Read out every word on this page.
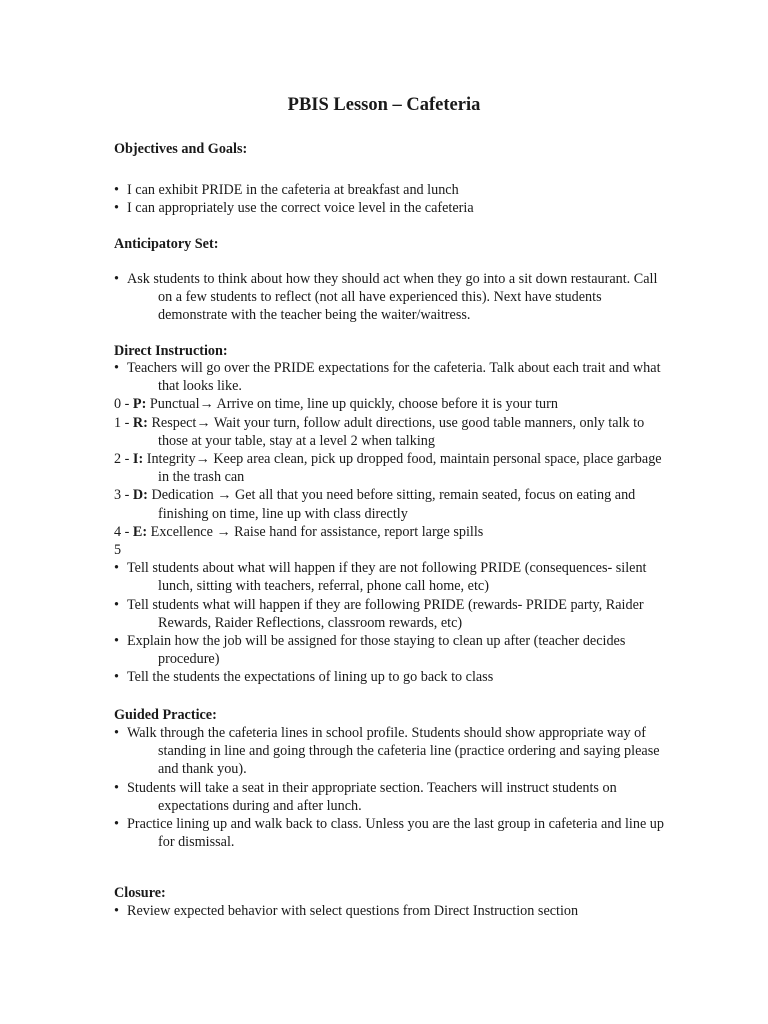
PBIS Lesson – Cafeteria
Objectives and Goals:
• I can exhibit PRIDE in the cafeteria at breakfast and lunch
• I can appropriately use the correct voice level in the cafeteria
Anticipatory Set:
• Ask students to think about how they should act when they go into a sit down restaurant. Call on a few students to reflect (not all have experienced this). Next have students demonstrate with the teacher being the waiter/waitress.
Direct Instruction:
• Teachers will go over the PRIDE expectations for the cafeteria. Talk about each trait and what that looks like.
0 - P: Punctual→ Arrive on time, line up quickly, choose before it is your turn
1 - R: Respect→ Wait your turn, follow adult directions, use good table manners, only talk to those at your table, stay at a level 2 when talking
2 - I: Integrity→ Keep area clean, pick up dropped food, maintain personal space, place garbage in the trash can
3 - D: Dedication → Get all that you need before sitting, remain seated, focus on eating and finishing on time, line up with class directly
4 - E: Excellence → Raise hand for assistance, report large spills
5
• Tell students about what will happen if they are not following PRIDE (consequences- silent lunch, sitting with teachers, referral, phone call home, etc)
• Tell students what will happen if they are following PRIDE (rewards- PRIDE party, Raider Rewards, Raider Reflections, classroom rewards, etc)
• Explain how the job will be assigned for those staying to clean up after (teacher decides procedure)
• Tell the students the expectations of lining up to go back to class
Guided Practice:
• Walk through the cafeteria lines in school profile. Students should show appropriate way of standing in line and going through the cafeteria line (practice ordering and saying please and thank you).
• Students will take a seat in their appropriate section. Teachers will instruct students on expectations during and after lunch.
• Practice lining up and walk back to class. Unless you are the last group in cafeteria and line up for dismissal.
Closure:
• Review expected behavior with select questions from Direct Instruction section
